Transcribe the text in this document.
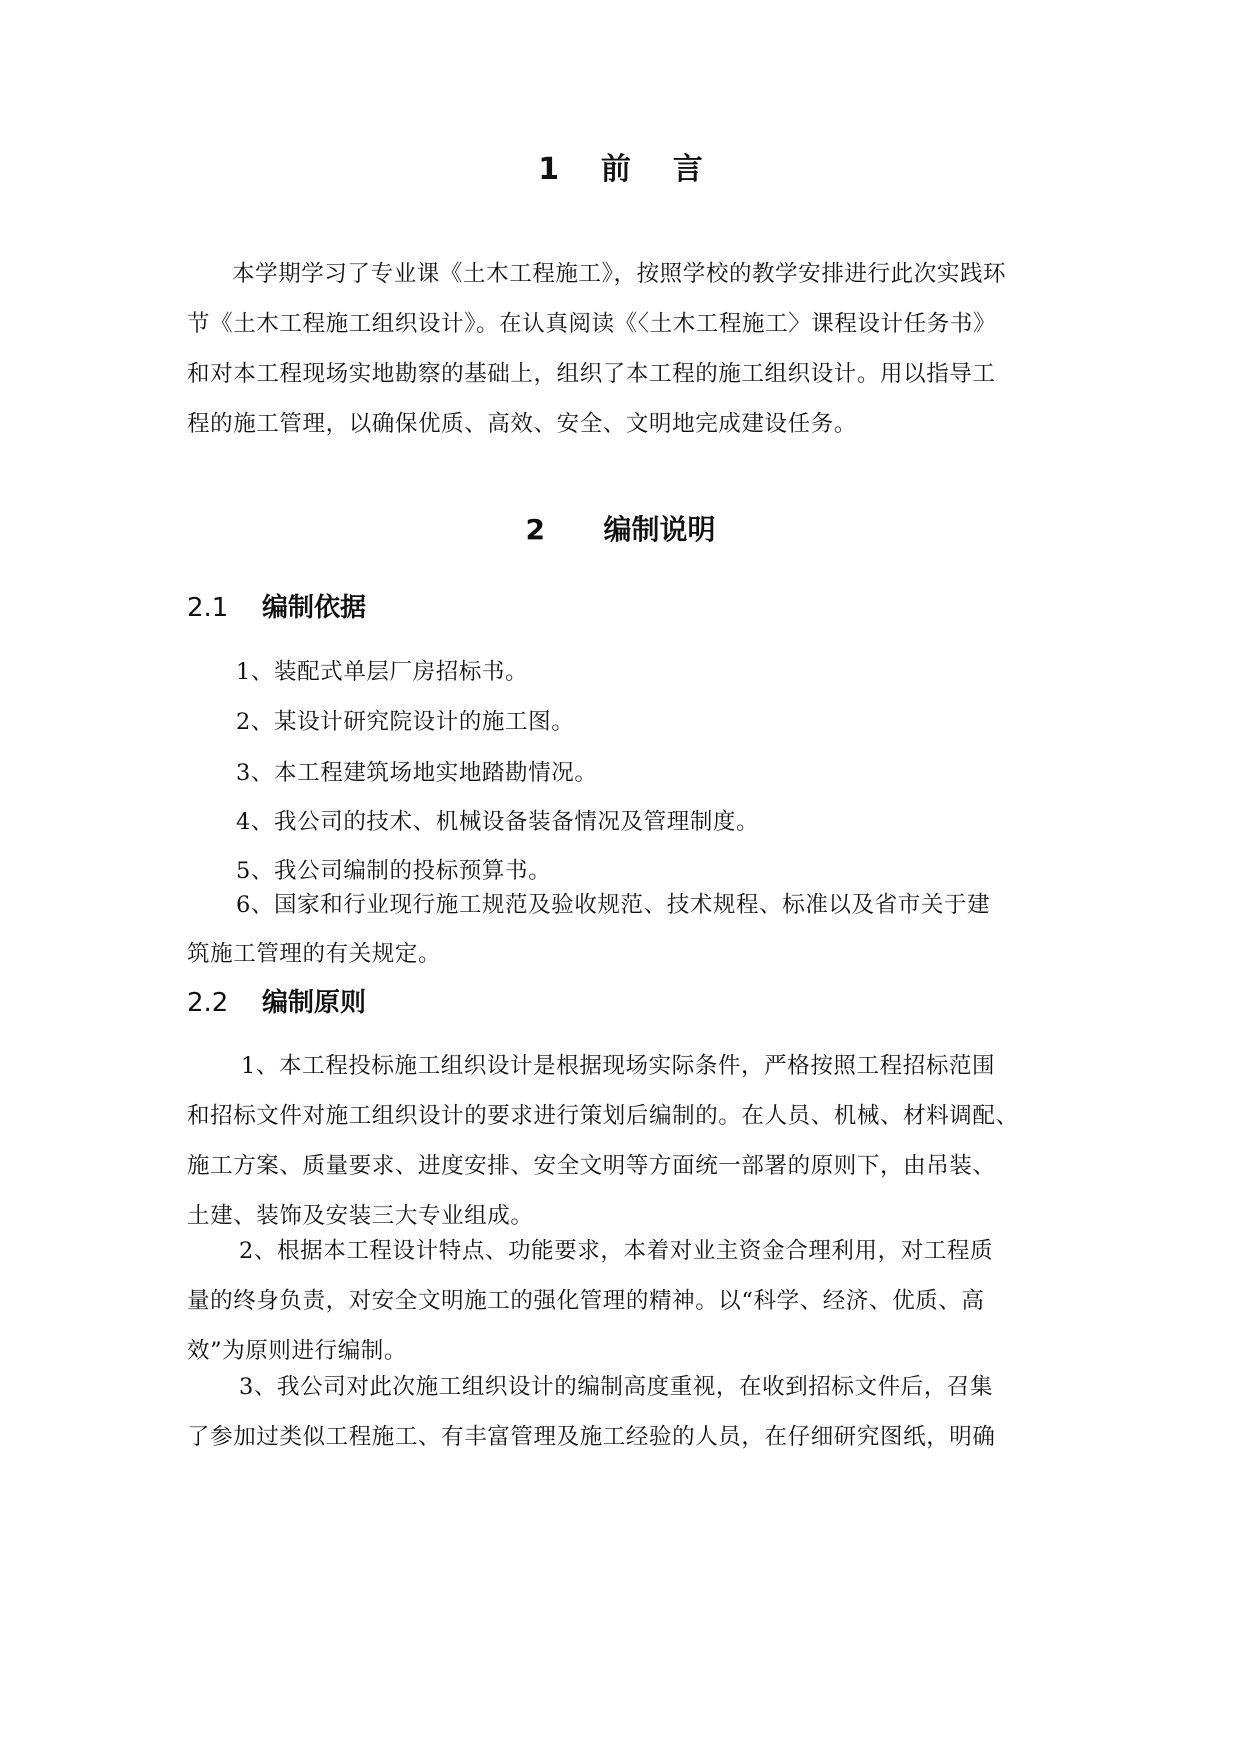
1    前    言
本学期学习了专业课《土木工程施工》，按照学校的教学安排进行此次实践环
节《土木工程施工组织设计》。在认真阅读《〈土木工程施工〉课程设计任务书》
和对本工程现场实地勘察的基础上，组织了本工程的施工组织设计。用以指导工
程的施工管理，以确保优质、高效、安全、文明地完成建设任务。
2      编制说明
2.1 编制依据
1、装配式单层厂房招标书。
2、某设计研究院设计的施工图。
3、本工程建筑场地实地踏勘情况。
4、我公司的技术、机械设备装备情况及管理制度。
5、我公司编制的投标预算书。
6、国家和行业现行施工规范及验收规范、技术规程、标准以及省市关于建
筑施工管理的有关规定。
2.2 编制原则
1、本工程投标施工组织设计是根据现场实际条件，严格按照工程招标范围
和招标文件对施工组织设计的要求进行策划后编制的。在人员、机械、材料调配、
施工方案、质量要求、进度安排、安全文明等方面统一部署的原则下，由吊装、
土建、装饰及安装三大专业组成。
2、根据本工程设计特点、功能要求，本着对业主资金合理利用，对工程质
量的终身负责，对安全文明施工的强化管理的精神。以“科学、经济、优质、高
效”为原则进行编制。
3、我公司对此次施工组织设计的编制高度重视，在收到招标文件后，召集
了参加过类似工程施工、有丰富管理及施工经验的人员，在仔细研究图纸，明确
